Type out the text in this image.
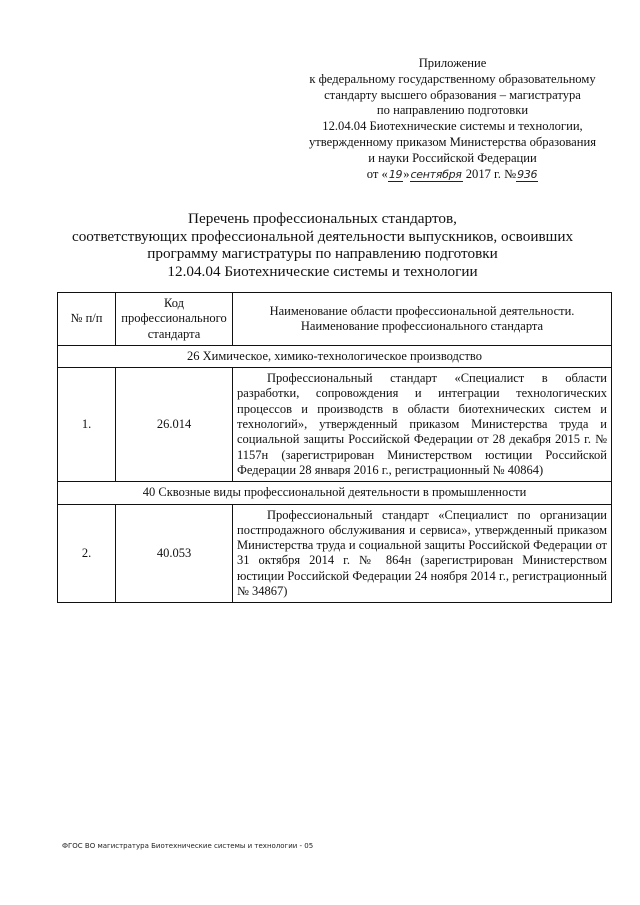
Приложение
к федеральному государственному образовательному
стандарту высшего образования – магистратура
по направлению подготовки
12.04.04 Биотехнические системы и технологии,
утвержденному приказом Министерства образования
и науки Российской Федерации
от «19»сентября 2017 г. №936
Перечень профессиональных стандартов,
соответствующих профессиональной деятельности выпускников, освоивших
программу магистратуры по направлению подготовки
12.04.04 Биотехнические системы и технологии
№ п/п	Код профессионального стандарта	Наименование области профессиональной деятельности.
Наименование профессионального стандарта
26 Химическое, химико-технологическое производство		
1.	26.014	Профессиональный стандарт «Специалист в области разработки, сопровождения и интеграции технологических процессов и производств в области биотехнических систем и технологий», утвержденный приказом Министерства труда и социальной защиты Российской Федерации от 28 декабря 2015 г. № 1157н (зарегистрирован Министерством юстиции Российской Федерации 28 января 2016 г., регистрационный № 40864)
40 Сквозные виды профессиональной деятельности в промышленности		
2.	40.053	Профессиональный стандарт «Специалист по организации постпродажного обслуживания и сервиса», утвержденный приказом Министерства труда и социальной защиты Российской Федерации от 31 октября 2014 г. № 864н (зарегистрирован Министерством юстиции Российской Федерации 24 ноября 2014 г., регистрационный № 34867)
ФГОС ВО магистратура Биотехнические системы и технологии - 05
